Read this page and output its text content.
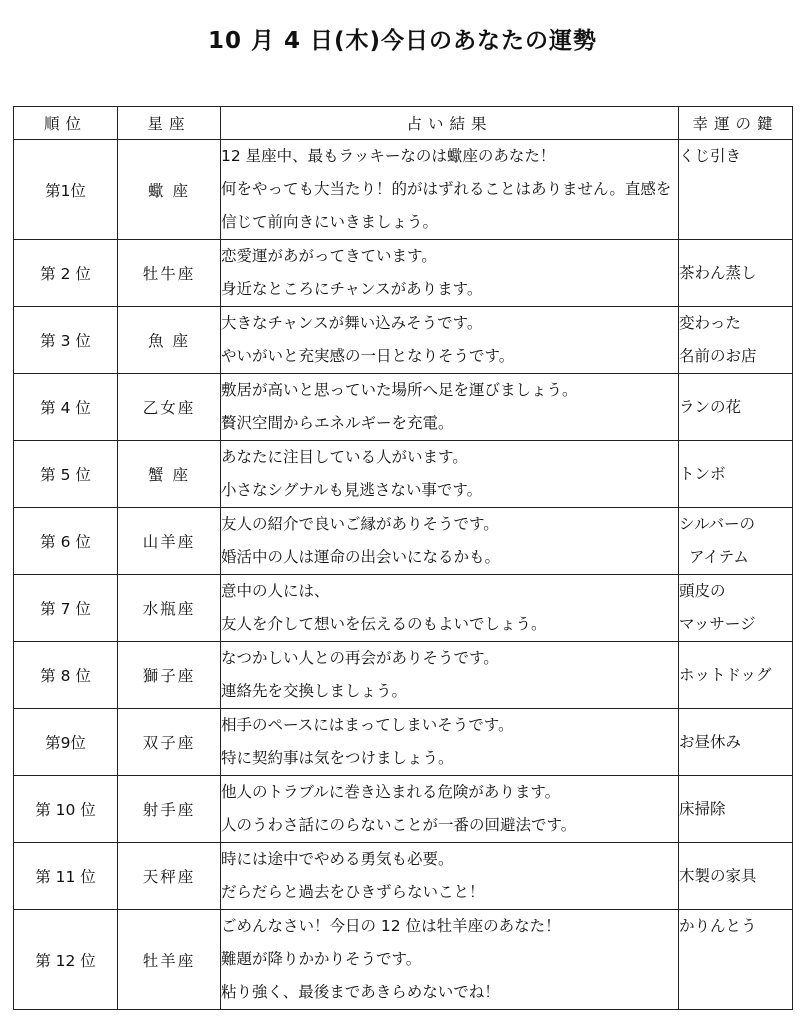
10 月 4 日(木)今日のあなたの運勢
順位	星座	占い結果	幸運の鍵
第1位	蠍 座	12 星座中、最もラッキーなのは蠍座のあなた！
何をやっても大当たり！的がはずれることはありません。直感を信じて前向きにいきましょう。	くじ引き

第 2 位	牡牛座	恋愛運があがってきています。
身近なところにチャンスがあります。	茶わん蒸し

第 3 位	魚 座	大きなチャンスが舞い込みそうです。
やいがいと充実感の一日となりそうです。	変わった
名前のお店

第 4 位	乙女座	敷居が高いと思っていた場所へ足を運びましょう。
贅沢空間からエネルギーを充電。	ランの花

第 5 位	蟹 座	あなたに注目している人がいます。
小さなシグナルも見逃さない事です。	トンボ

第 6 位	山羊座	友人の紹介で良いご縁がありそうです。
婚活中の人は運命の出会いになるかも。	シルバーの
アイテム

第 7 位	水瓶座	意中の人には、
友人を介して想いを伝えるのもよいでしょう。	頭皮の
マッサージ

第 8 位	獅子座	なつかしい人との再会がありそうです。
連絡先を交換しましょう。	ホットドッグ

第9位	双子座	相手のペースにはまってしまいそうです。
特に契約事は気をつけましょう。	お昼休み

第 10 位	射手座	他人のトラブルに巻き込まれる危険があります。
人のうわさ話にのらないことが一番の回避法です。	床掃除

第 11 位	天秤座	時には途中でやめる勇気も必要。
だらだらと過去をひきずらないこと！	木製の家具

第 12 位	牡羊座	ごめんなさい！今日の 12 位は牡羊座のあなた！
難題が降りかかりそうです。
粘り強く、最後まであきらめないでね！	かりんとう
